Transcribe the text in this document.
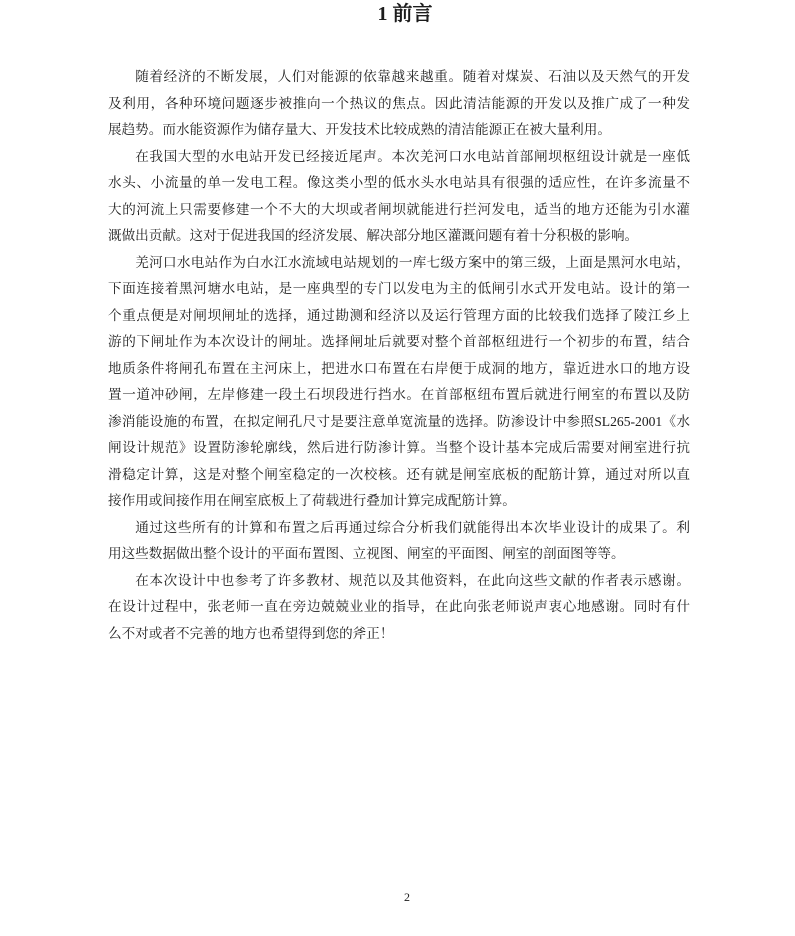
1 前言
随着经济的不断发展，人们对能源的依靠越来越重。随着对煤炭、石油以及天然气的开发
及利用，各种环境问题逐步被推向一个热议的焦点。因此清洁能源的开发以及推广成了一种发
展趋势。而水能资源作为储存量大、开发技术比较成熟的清洁能源正在被大量利用。
在我国大型的水电站开发已经接近尾声。本次羌河口水电站首部闸坝枢纽设计就是一座低
水头、小流量的单一发电工程。像这类小型的低水头水电站具有很强的适应性，在许多流量不
大的河流上只需要修建一个不大的大坝或者闸坝就能进行拦河发电，适当的地方还能为引水灌
溉做出贡献。这对于促进我国的经济发展、解决部分地区灌溉问题有着十分积极的影响。
羌河口水电站作为白水江水流域电站规划的一库七级方案中的第三级，上面是黑河水电站，
下面连接着黑河塘水电站，是一座典型的专门以发电为主的低闸引水式开发电站。设计的第一
个重点便是对闸坝闸址的选择，通过勘测和经济以及运行管理方面的比较我们选择了陵江乡上
游的下闸址作为本次设计的闸址。选择闸址后就要对整个首部枢纽进行一个初步的布置，结合
地质条件将闸孔布置在主河床上，把进水口布置在右岸便于成洞的地方，靠近进水口的地方设
置一道冲砂闸，左岸修建一段土石坝段进行挡水。在首部枢纽布置后就进行闸室的布置以及防
渗消能设施的布置，在拟定闸孔尺寸是要注意单宽流量的选择。防渗设计中参照SL265-2001《水
闸设计规范》设置防渗轮廓线，然后进行防渗计算。当整个设计基本完成后需要对闸室进行抗
滑稳定计算，这是对整个闸室稳定的一次校核。还有就是闸室底板的配筋计算，通过对所以直
接作用或间接作用在闸室底板上了荷载进行叠加计算完成配筋计算。
通过这些所有的计算和布置之后再通过综合分析我们就能得出本次毕业设计的成果了。利
用这些数据做出整个设计的平面布置图、立视图、闸室的平面图、闸室的剖面图等等。
在本次设计中也参考了许多教材、规范以及其他资料，在此向这些文献的作者表示感谢。
在设计过程中，张老师一直在旁边兢兢业业的指导，在此向张老师说声衷心地感谢。同时有什
么不对或者不完善的地方也希望得到您的斧正！
2
